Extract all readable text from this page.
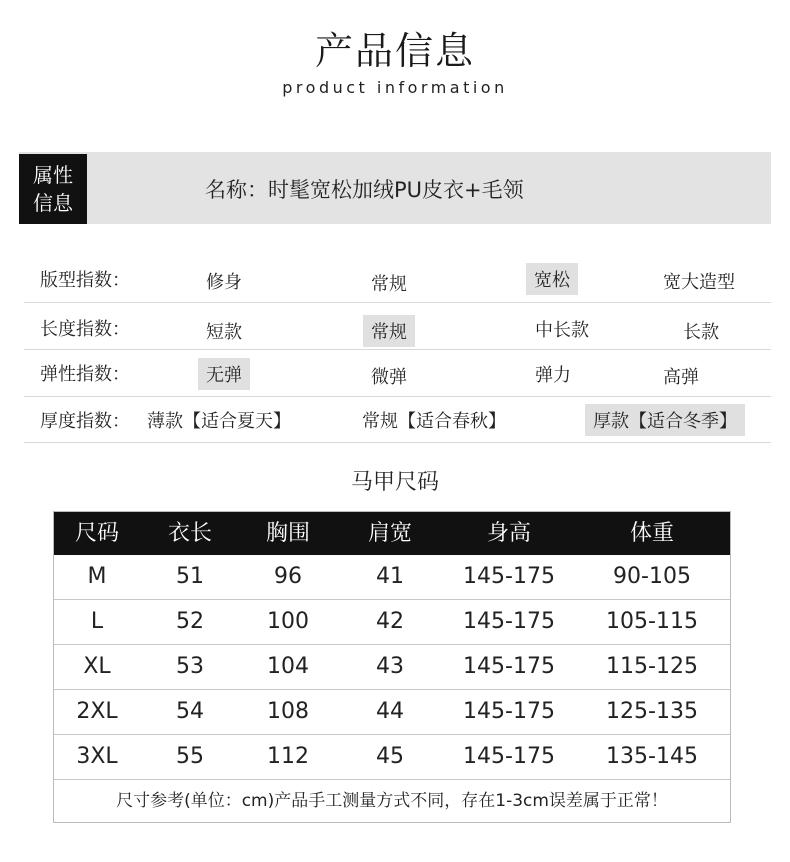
产品信息
product information
属性
信息
名称：时髦宽松加绒PU皮衣+毛领
版型指数：	修身	常规	宽松	宽大造型
长度指数：	短款	常规	中长款	长款
弹性指数：	无弹	微弹	弹力	高弹
厚度指数： 薄款【适合夏天】	常规【适合春秋】	厚款【适合冬季】
马甲尺码
尺码	衣长	胸围	肩宽	身高	体重
M	51	96	41	145-175	90-105
L	52	100	42	145-175	105-115
XL	53	104	43	145-175	115-125
2XL	54	108	44	145-175	125-135
3XL	55	112	45	145-175	135-145
尺寸参考(单位：cm)产品手工测量方式不同，存在1-3cm误差属于正常！
